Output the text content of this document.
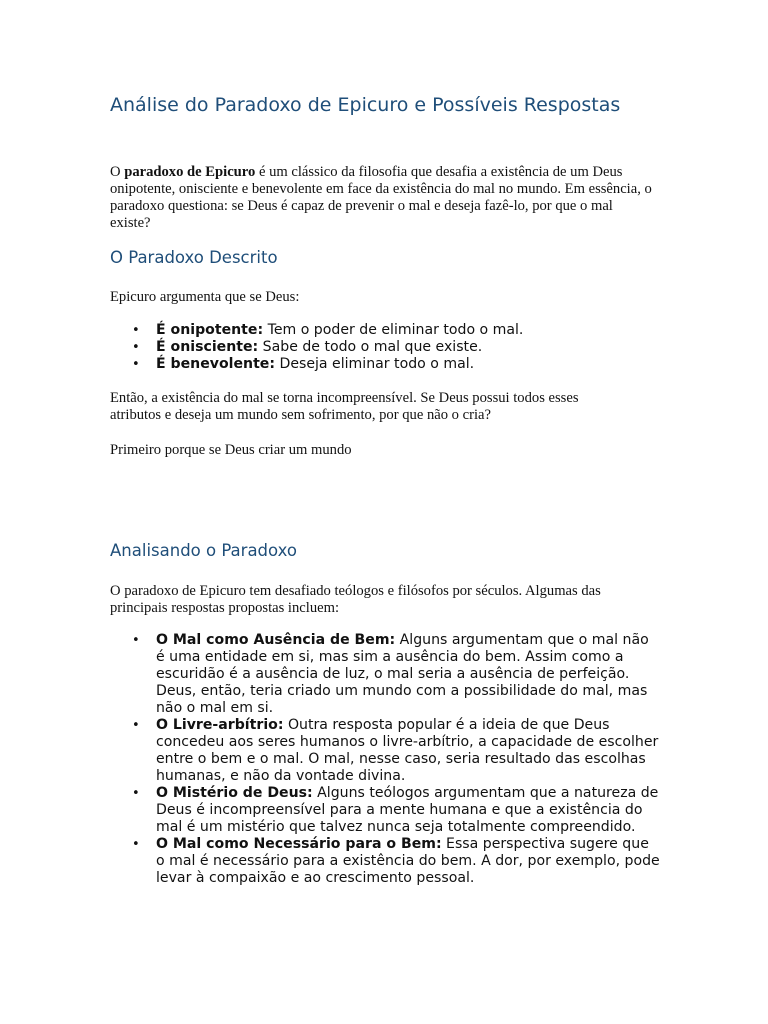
Análise do Paradoxo de Epicuro e Possíveis Respostas

O paradoxo de Epicuro é um clássico da filosofia que desafia a existência de um Deus onipotente, onisciente e benevolente em face da existência do mal no mundo. Em essência, o paradoxo questiona: se Deus é capaz de prevenir o mal e deseja fazê-lo, por que o mal existe?

O Paradoxo Descrito

Epicuro argumenta que se Deus:

• É onipotente: Tem o poder de eliminar todo o mal.
• É onisciente: Sabe de todo o mal que existe.
• É benevolente: Deseja eliminar todo o mal.

Então, a existência do mal se torna incompreensível. Se Deus possui todos esses atributos e deseja um mundo sem sofrimento, por que não o cria?

Primeiro porque se Deus criar um mundo

Analisando o Paradoxo

O paradoxo de Epicuro tem desafiado teólogos e filósofos por séculos. Algumas das principais respostas propostas incluem:

• O Mal como Ausência de Bem: Alguns argumentam que o mal não é uma entidade em si, mas sim a ausência do bem. Assim como a escuridão é a ausência de luz, o mal seria a ausência de perfeição. Deus, então, teria criado um mundo com a possibilidade do mal, mas não o mal em si.
• O Livre-arbítrio: Outra resposta popular é a ideia de que Deus concedeu aos seres humanos o livre-arbítrio, a capacidade de escolher entre o bem e o mal. O mal, nesse caso, seria resultado das escolhas humanas, e não da vontade divina.
• O Mistério de Deus: Alguns teólogos argumentam que a natureza de Deus é incompreensível para a mente humana e que a existência do mal é um mistério que talvez nunca seja totalmente compreendido.
• O Mal como Necessário para o Bem: Essa perspectiva sugere que o mal é necessário para a existência do bem. A dor, por exemplo, pode levar à compaixão e ao crescimento pessoal.
